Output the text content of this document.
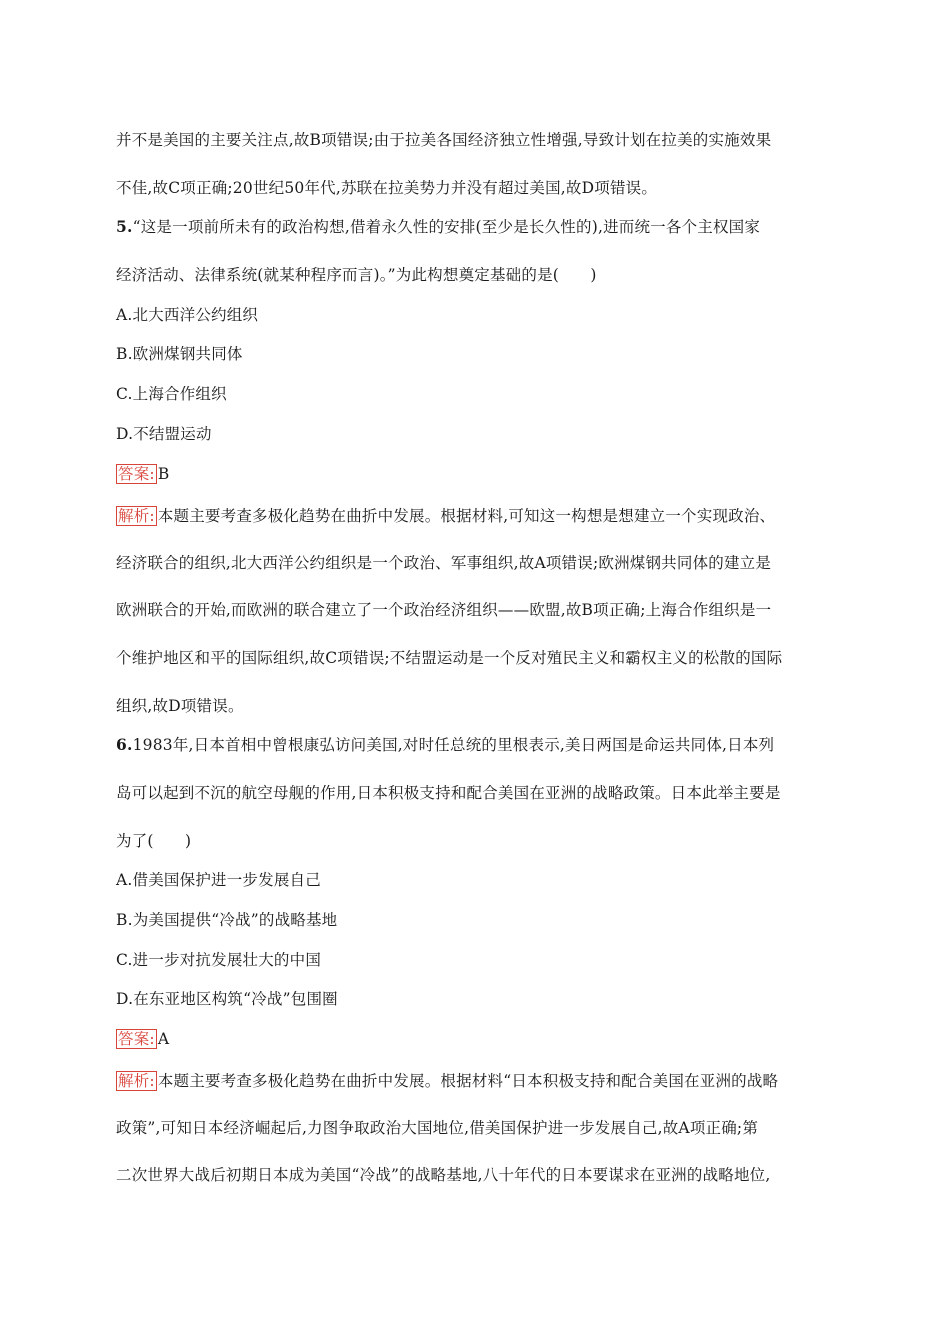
并不是美国的主要关注点,故B项错误;由于拉美各国经济独立性增强,导致计划在拉美的实施效果
不佳,故C项正确;20世纪50年代,苏联在拉美势力并没有超过美国,故D项错误。
5.“这是一项前所未有的政治构想,借着永久性的安排(至少是长久性的),进而统一各个主权国家
经济活动、法律系统(就某种程序而言)。”为此构想奠定基础的是(　　)
A.北大西洋公约组织
B.欧洲煤钢共同体
C.上海合作组织
D.不结盟运动
答案: B
解析: 本题主要考查多极化趋势在曲折中发展。根据材料,可知这一构想是想建立一个实现政治、
经济联合的组织,北大西洋公约组织是一个政治、军事组织,故A项错误;欧洲煤钢共同体的建立是
欧洲联合的开始,而欧洲的联合建立了一个政治经济组织——欧盟,故B项正确;上海合作组织是一
个维护地区和平的国际组织,故C项错误;不结盟运动是一个反对殖民主义和霸权主义的松散的国际
组织,故D项错误。
6.1983年,日本首相中曾根康弘访问美国,对时任总统的里根表示,美日两国是命运共同体,日本列
岛可以起到不沉的航空母舰的作用,日本积极支持和配合美国在亚洲的战略政策。日本此举主要是
为了(　　)
A.借美国保护进一步发展自己
B.为美国提供“冷战”的战略基地
C.进一步对抗发展壮大的中国
D.在东亚地区构筑“冷战”包围圈
答案: A
解析: 本题主要考查多极化趋势在曲折中发展。根据材料“日本积极支持和配合美国在亚洲的战略
政策”,可知日本经济崛起后,力图争取政治大国地位,借美国保护进一步发展自己,故A项正确;第
二次世界大战后初期日本成为美国“冷战”的战略基地,八十年代的日本要谋求在亚洲的战略地位,
